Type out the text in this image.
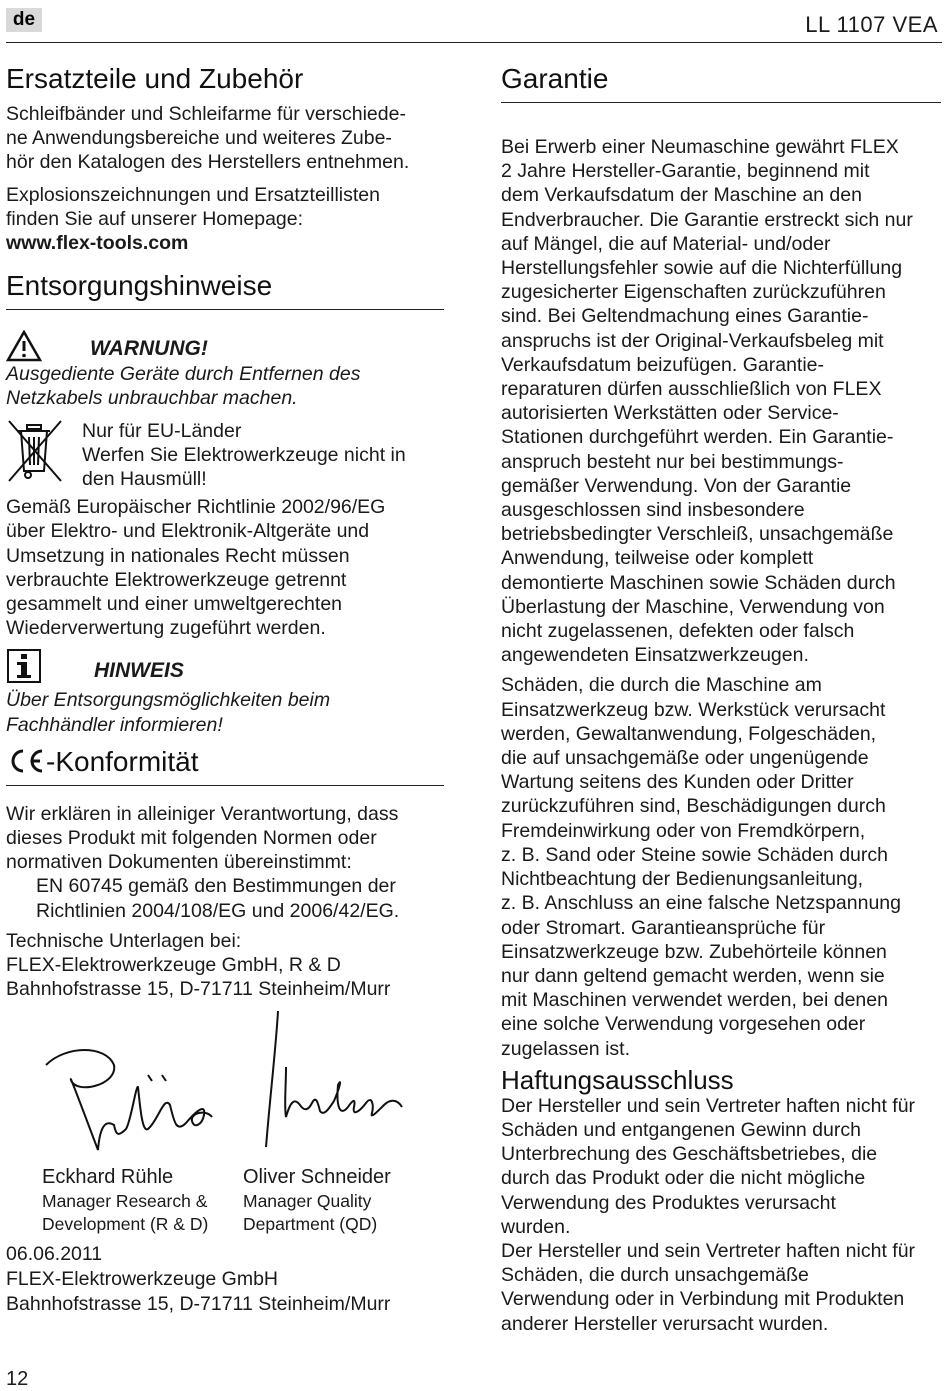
de	LL 1107 VEA
Ersatzteile und Zubehör

Schleifbänder und Schleifarme für verschiede-
ne Anwendungsbereiche und weiteres Zube-
hör den Katalogen des Herstellers entnehmen.

Explosionszeichnungen und Ersatzteillisten
finden Sie auf unserer Homepage:
www.flex-tools.com

Entsorgungshinweise
WARNUNG!

Ausgediente Geräte durch Entfernen des
Netzkabels unbrauchbar machen.

Nur für EU-Länder
Werfen Sie Elektrowerkzeuge nicht in
den Hausmüll!

Gemäß Europäischer Richtlinie 2002/96/EG
über Elektro- und Elektronik-Altgeräte und
Umsetzung in nationales Recht müssen
verbrauchte Elektrowerkzeuge getrennt
gesammelt und einer umweltgerechten
Wiederverwertung zugeführt werden.

HINWEIS

Über Entsorgungsmöglichkeiten beim
Fachhändler informieren!

-Konformität

Wir erklären in alleiniger Verantwortung, dass
dieses Produkt mit folgenden Normen oder
normativen Dokumenten übereinstimmt:

EN 60745 gemäß den Bestimmungen der
Richtlinien 2004/108/EG und 2006/42/EG.

Technische Unterlagen bei:
FLEX-Elektrowerkzeuge GmbH, R & D
Bahnhofstrasse 15, D-71711 Steinheim/Murr

Eckhard Rühle
Manager Research &
Development (R & D)
Oliver Schneider
Manager Quality
Department (QD)

06.06.2011
FLEX-Elektrowerkzeuge GmbH
Bahnhofstrasse 15, D-71711 Steinheim/Murr

Garantie

Bei Erwerb einer Neumaschine gewährt FLEX
2 Jahre Hersteller-Garantie, beginnend mit
dem Verkaufsdatum der Maschine an den
Endverbraucher. Die Garantie erstreckt sich nur
auf Mängel, die auf Material- und/oder
Herstellungsfehler sowie auf die Nichterfüllung
zugesicherter Eigenschaften zurückzuführen
sind. Bei Geltendmachung eines Garantie-
anspruchs ist der Original-Verkaufsbeleg mit
Verkaufsdatum beizufügen. Garantie-
reparaturen dürfen ausschließlich von FLEX
autorisierten Werkstätten oder Service-
Stationen durchgeführt werden. Ein Garantie-
anspruch besteht nur bei bestimmungs-
gemäßer Verwendung. Von der Garantie
ausgeschlossen sind insbesondere
betriebsbedingter Verschleiß, unsachgemäße
Anwendung, teilweise oder komplett
demontierte Maschinen sowie Schäden durch
Überlastung der Maschine, Verwendung von
nicht zugelassenen, defekten oder falsch
angewendeten Einsatzwerkzeugen.

Schäden, die durch die Maschine am
Einsatzwerkzeug bzw. Werkstück verursacht
werden, Gewaltanwendung, Folgeschäden,
die auf unsachgemäße oder ungenügende
Wartung seitens des Kunden oder Dritter
zurückzuführen sind, Beschädigungen durch
Fremdeinwirkung oder von Fremdkörpern,
z. B. Sand oder Steine sowie Schäden durch
Nichtbeachtung der Bedienungsanleitung,
z. B. Anschluss an eine falsche Netzspannung
oder Stromart. Garantieansprüche für
Einsatzwerkzeuge bzw. Zubehörteile können
nur dann geltend gemacht werden, wenn sie
mit Maschinen verwendet werden, bei denen
eine solche Verwendung vorgesehen oder
zugelassen ist.

Haftungsausschluss

Der Hersteller und sein Vertreter haften nicht für
Schäden und entgangenen Gewinn durch
Unterbrechung des Geschäftsbetriebes, die
durch das Produkt oder die nicht mögliche
Verwendung des Produktes verursacht
wurden.

Der Hersteller und sein Vertreter haften nicht für
Schäden, die durch unsachgemäße
Verwendung oder in Verbindung mit Produkten
anderer Hersteller verursacht wurden.

12
